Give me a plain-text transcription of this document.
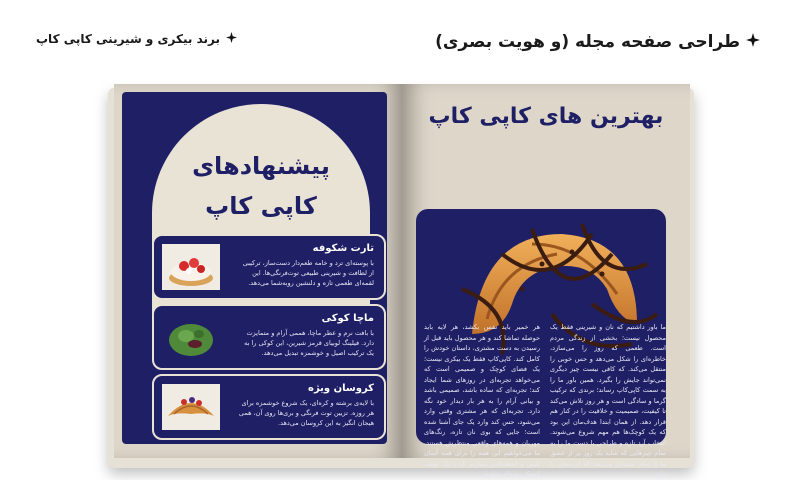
طراحی صفحه مجله (و هویت بصری)
برند بیکری و شیرینی کاپی کاپ
پیشنهادهای
کاپی کاپ
تارت شکوفه
با پوسته‌ای ترد و خامه طعم‌دار دست‌ساز، ترکیبی از لطافت و شیرینی طبیعی توت‌فرنگی‌ها. این لقمه‌ای طعمی تازه و دلنشین روبه‌شما می‌دهد.
ماچا کوکی
با بافت نرم و عطر ماچا، هممی آرام و متمایزت دارد. فیلینگ لوبیای قرمز شیرین، این کوکی را به یک ترکیب اصیل و خوشمزه تبدیل می‌دهد.
کروسان ویژه
با لایه‌ی برشته و کره‌ای، یک شروع خوشمزه برای هر روزه. تزیین توت فرنگی و بری‌ها روی آن، همی هیجان انگیز به این کروسان می‌دهد.
بهترین های کاپی کاپ
هر خمیر باید نفس بکشد، هر لایه باید حوصله تماشا کند و هر محصول باید قبل از رسیدن به دست مشتری، داستان خودش را کامل کند. کاپی‌کاپ فقط یک بیکری نیست؛ یک فضای کوچک و صمیمی است که می‌خواهد تجربه‌ای در روزهای شما ایجاد کند؛ تجربه‌ای که ساده باشد، صمیمی باشد و بیانی آرام را به هر بار دیدار خود نگه دارد. تجربه‌ای که هر مشتری وقتی وارد می‌شود، حس کند وارد یک جای آشنا شده است؛ جایی که بوی نان تازه، رنگ‌های مهربان و همه‌های واقعی منتظرش هستند. ما می‌خواهیم این همه را برای همه آسان کنیم، و لحظه‌هایی بسازیم که با یک توقف کوچک روزهای شلوغ.
ما باور داشتیم که نان و شیرینی فقط یک محصول نیست؛ بخشی از زندگی مردم است. طعمی که روز را می‌سازد، خاطره‌ای را شکل می‌دهد و حس خوبی را منتقل می‌کند. که کافی نیست چیز دیگری نمی‌تواند جایش را بگیرد. همین باور ما را به سمت کاپی‌کاپ رساند؛ برندی که ترکیب گرما و سادگی است و هر روز تلاش می‌کند تا کیفیت، صمیمیت و خلاقیت را در کنار هم قرار دهد. از همان ابتدا هدف‌مان این بود که یک کوچک‌ها هم مهم شروع می‌شوند. انتخاب آرد تازه و طراحی با دست ما را به تمام چیزهایی که شاید یک روز پر از عشق ما با تمام نتیجه‌ای می‌دهد که ارزشش را دارد.
